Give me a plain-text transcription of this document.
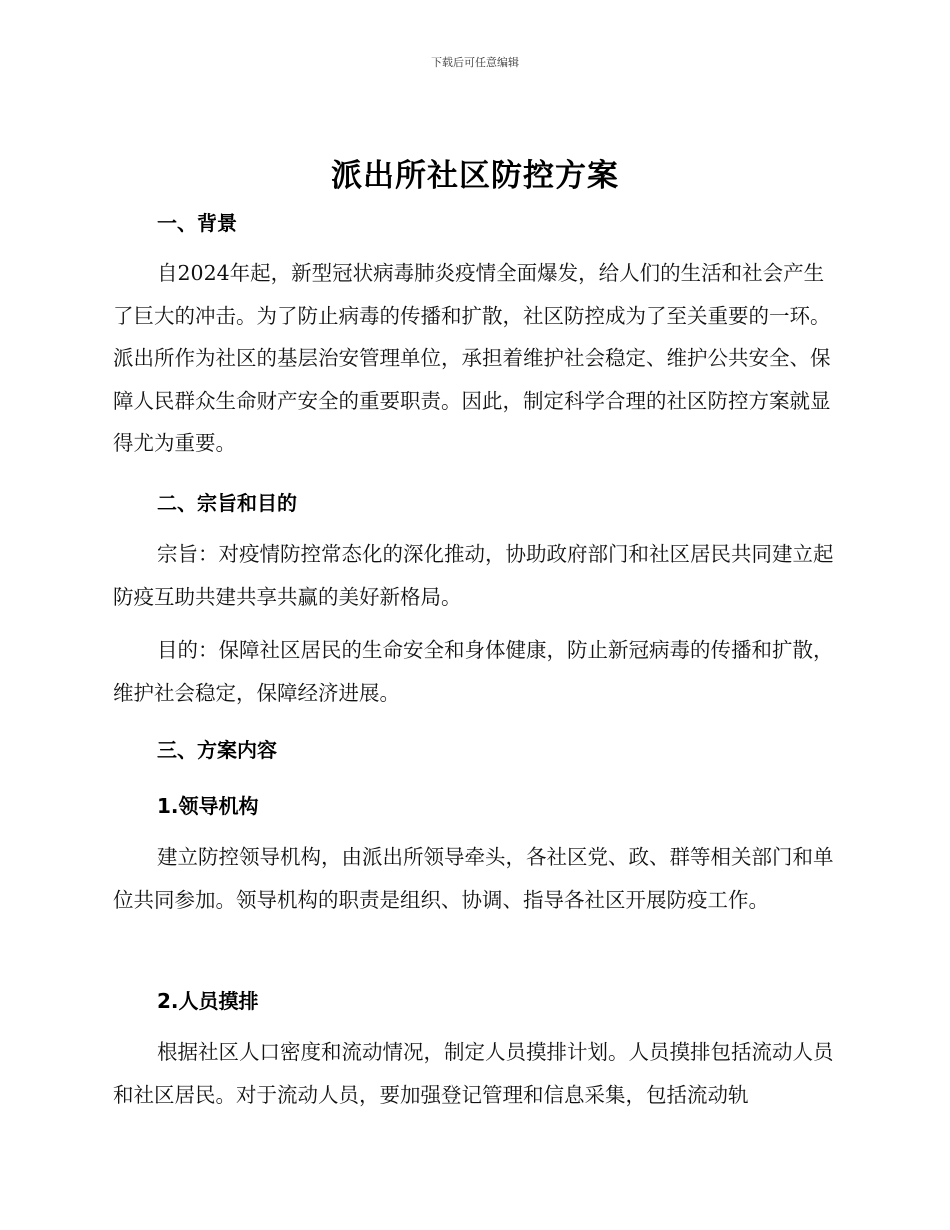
下载后可任意编辑
派出所社区防控方案
一、背景
自2024年起，新型冠状病毒肺炎疫情全面爆发，给人们的生活和社会产生了巨大的冲击。为了防止病毒的传播和扩散，社区防控成为了至关重要的一环。派出所作为社区的基层治安管理单位，承担着维护社会稳定、维护公共安全、保障人民群众生命财产安全的重要职责。因此，制定科学合理的社区防控方案就显得尤为重要。
二、宗旨和目的
宗旨：对疫情防控常态化的深化推动，协助政府部门和社区居民共同建立起防疫互助共建共享共赢的美好新格局。
目的：保障社区居民的生命安全和身体健康，防止新冠病毒的传播和扩散，维护社会稳定，保障经济进展。
三、方案内容
1.领导机构
建立防控领导机构，由派出所领导牵头，各社区党、政、群等相关部门和单位共同参加。领导机构的职责是组织、协调、指导各社区开展防疫工作。
2.人员摸排
根据社区人口密度和流动情况，制定人员摸排计划。人员摸排包括流动人员和社区居民。对于流动人员，要加强登记管理和信息采集，包括流动轨
